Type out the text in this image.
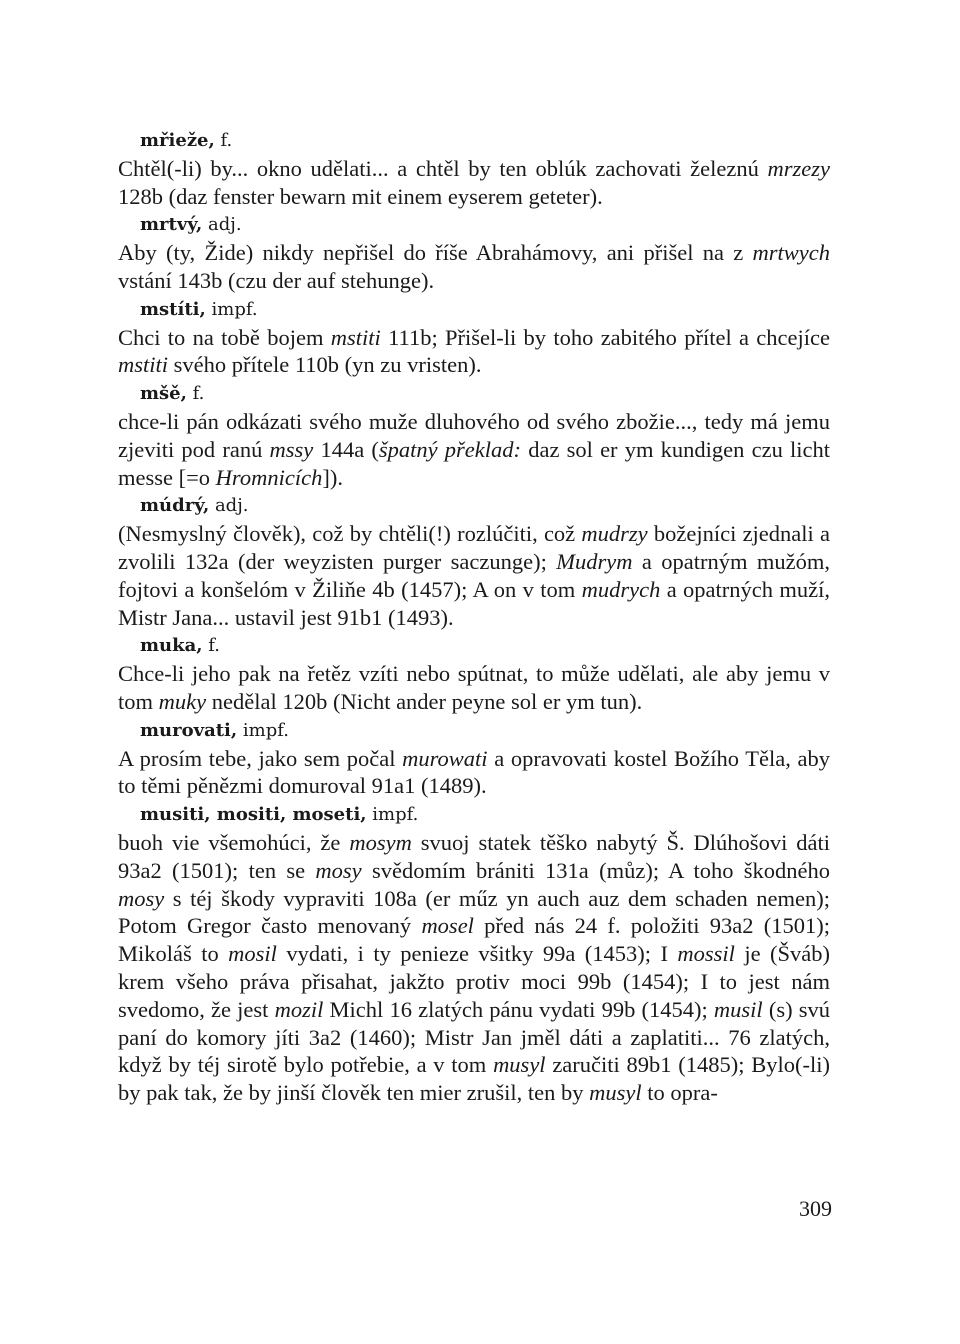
mřieže, f.

Chtěl(-li) by... okno udělati... a chtěl by ten oblúk zachovati železnú mrzezy 128b (daz fenster bewarn mit einem eyserem geteter).

mrtvý, adj.

Aby (ty, Žide) nikdy nepřišel do říše Abrahámovy, ani přišel na z mrtwych vstání 143b (czu der auf stehunge).

mstíti, impf.

Chci to na tobě bojem mstiti 111b; Přišel-li by toho zabitého přítel a chcejíce mstiti svého přítele 110b (yn zu vristen).

mšě, f.

chce-li pán odkázati svého muže dluhového od svého zbožie..., tedy má jemu zjeviti pod ranú mssy 144a (špatný překlad: daz sol er ym kundigen czu licht messe [=o Hromnicích]).

múdrý, adj.

(Nesmyslný člověk), což by chtěli(!) rozlúčiti, což mudrzy božejníci zjednali a zvolili 132a (der weyzisten purger saczunge); Mudrym a opatrným mužóm, fojtovi a konšelóm v Žiliňe 4b (1457); A on v tom mudrych a opatrných muží, Mistr Jana... ustavil jest 91b1 (1493).

muka, f.

Chce-li jeho pak na řetěz vzíti nebo spútnat, to může udělati, ale aby jemu v tom muky nedělal 120b (Nicht ander peyne sol er ym tun).

murovati, impf.

A prosím tebe, jako sem počal murowati a opravovati kostel Božího Těla, aby to těmi pěnězmi domuroval 91a1 (1489).

musiti, mositi, moseti, impf.

buoh vie všemohúci, že mosym svuoj statek těško nabytý Š. Dlúhošovi dáti 93a2 (1501); ten se mosy svědomím brániti 131a (můz); A toho škodného mosy s téj škody vypraviti 108a (er műz yn auch auz dem schaden nemen); Potom Gregor často menovaný mosel před nás 24 f. položiti 93a2 (1501); Mikoláš to mosil vydati, i ty penieze všitky 99a (1453); I mossil je (Šváb) krem všeho práva přisahat, jakžto protiv moci 99b (1454); I to jest nám svedomo, že jest mozil Michl 16 zlatých pánu vydati 99b (1454); musil (s) svú paní do komory jíti 3a2 (1460); Mistr Jan jměl dáti a zaplatiti... 76 zlatých, když by téj sirotě bylo potřebie, a v tom musyl zaručiti 89b1 (1485); Bylo(-li) by pak tak, že by jinší člověk ten mier zrušil, ten by musyl to opra-

309
